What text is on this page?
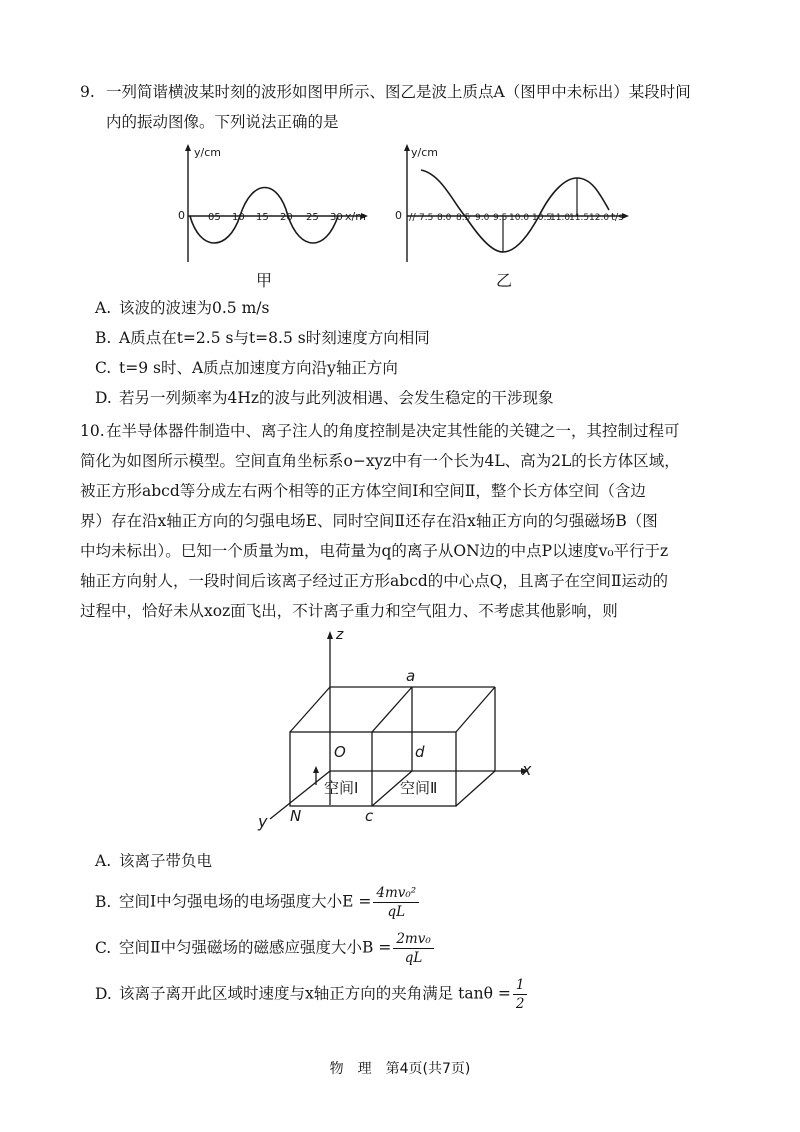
9. 一列简谐横波某时刻的波形如图甲所示、图乙是波上质点A（图甲中未标出）某段时间
内的振动图像。下列说法正确的是
y/cm
0 05 10 15 20 25 30 x/m
甲
y/cm
0 // 7.5 8.0 8.5 9.0 9.5 10.0 10.5
11.0
11.5 12.0 t/s
乙
A. 该波的波速为0.5 m/s
B. A质点在t=2.5 s与t=8.5 s时刻速度方向相同
C. t=9 s时、A质点加速度方向沿y轴正方向
D. 若另一列频率为4Hz的波与此列波相遇、会发生稳定的干涉现象
10.在半导体器件制造中、离子注人的角度控制是决定其性能的关键之一，其控制过程可
简化为如图所示模型。空间直角坐标系o−xyz中有一个长为4L、高为2L的长方体区域，
被正方形abcd等分成左右两个相等的正方体空间Ⅰ和空间Ⅱ，整个长方体空间（含边
界）存在沿x轴正方向的匀强电场E、同时空间Ⅱ还存在沿x轴正方向的匀强磁场B（图
中均未标出）。巳知一个质量为m，电荷量为q的离子从ON边的中点P以速度v₀平行于z
轴正方向射人，一段时间后该离子经过正方形abcd的中心点Q，且离子在空间Ⅱ运动的
过程中，恰好未从xoz面飞出，不计离子重力和空气阻力、不考虑其他影响，则
z
x
y
a
d
c
O
N
空间Ⅰ	空间Ⅱ
A. 该离子带负电
B. 空间Ⅰ中匀强电场的电场强度大小$E = \frac{\text{4mv₀²}}{qL}$
C. 空间Ⅱ中匀强磁场的磁感应强度大小$B = \frac{\text{2mv₀}}{qL}$
D. 该离子离开此区域时速度与x轴正方向的夹角满足 $\tan\theta = \frac{1}{2}$
物　理　第4页(共7页)
